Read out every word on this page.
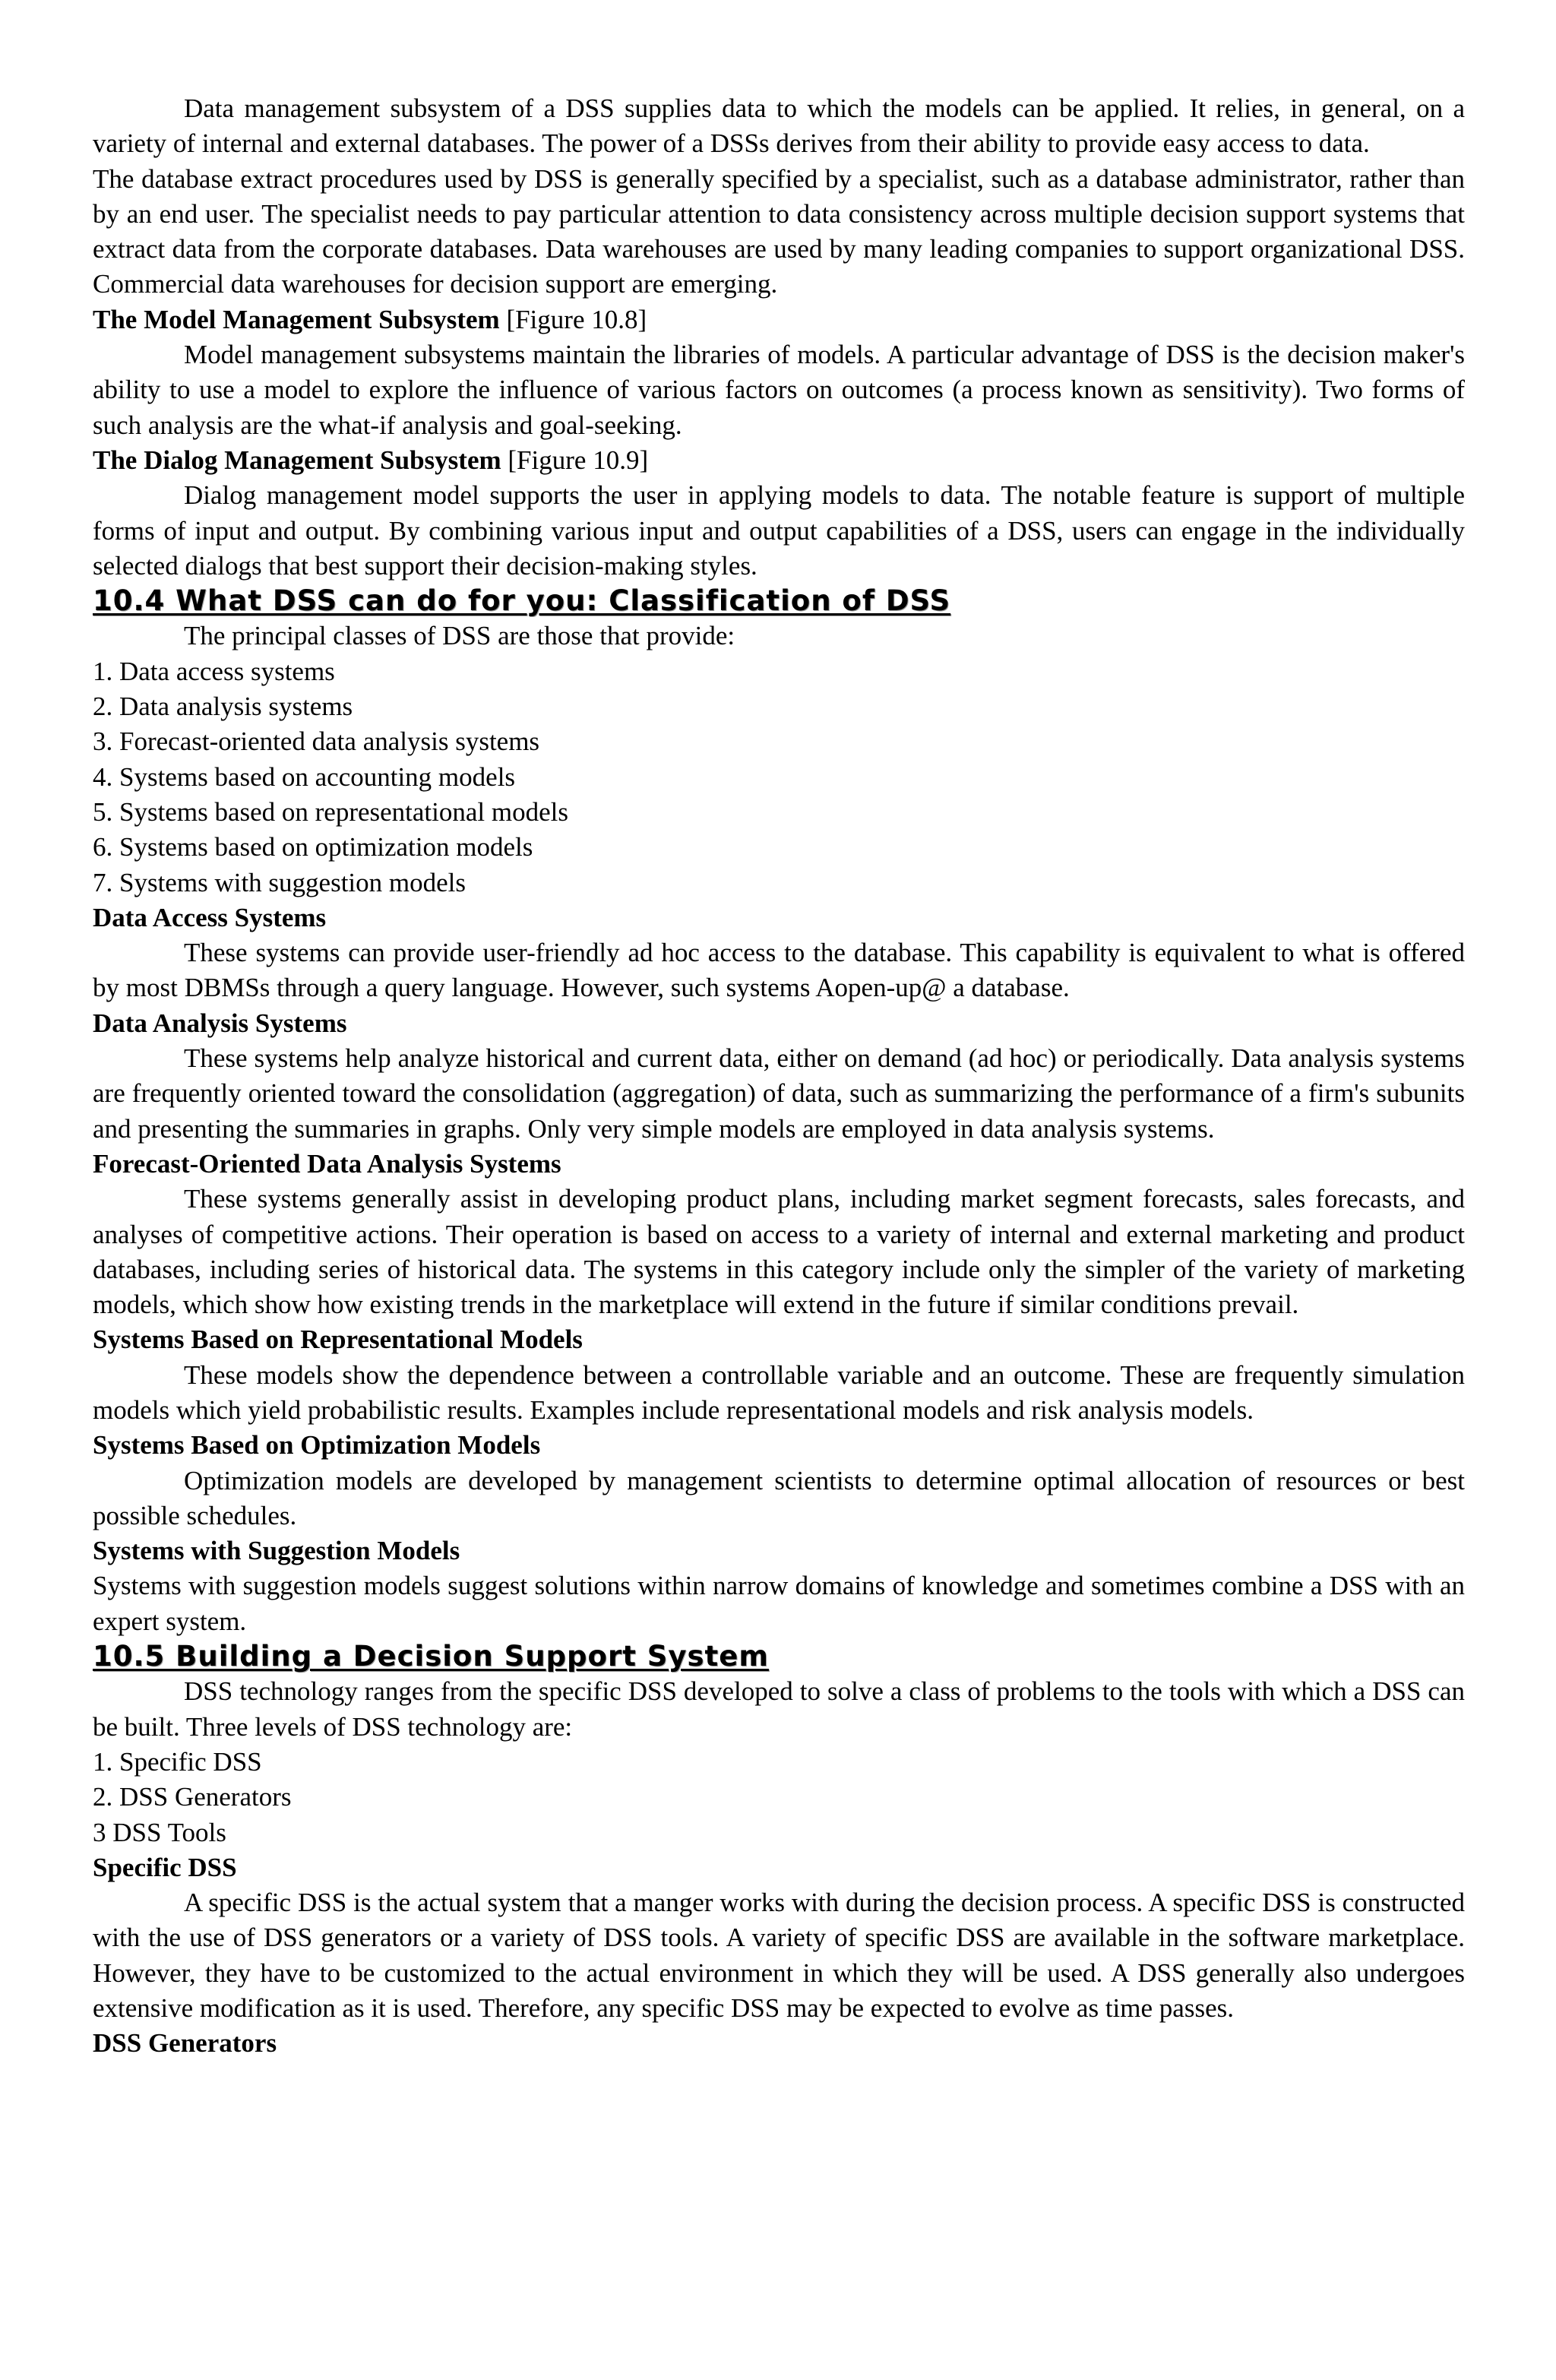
Data management subsystem of a DSS supplies data to which the models can be applied. It relies, in general, on a variety of internal and external databases. The power of a DSSs derives from their ability to provide easy access to data.

The database extract procedures used by DSS is generally specified by a specialist, such as a database administrator, rather than by an end user. The specialist needs to pay particular attention to data consistency across multiple decision support systems that extract data from the corporate databases. Data warehouses are used by many leading companies to support organizational DSS. Commercial data warehouses for decision support are emerging.

The Model Management Subsystem [Figure 10.8]

Model management subsystems maintain the libraries of models. A particular advantage of DSS is the decision maker's ability to use a model to explore the influence of various factors on outcomes (a process known as sensitivity). Two forms of such analysis are the what-if analysis and goal-seeking.

The Dialog Management Subsystem [Figure 10.9]

Dialog management model supports the user in applying models to data. The notable feature is support of multiple forms of input and output. By combining various input and output capabilities of a DSS, users can engage in the individually selected dialogs that best support their decision-making styles.

10.4 What DSS can do for you: Classification of DSS

The principal classes of DSS are those that provide:

1. Data access systems
2. Data analysis systems
3. Forecast-oriented data analysis systems
4. Systems based on accounting models
5. Systems based on representational models
6. Systems based on optimization models
7. Systems with suggestion models
Data Access Systems

These systems can provide user-friendly ad hoc access to the database. This capability is equivalent to what is offered by most DBMSs through a query language. However, such systems Aopen-up@ a database.

Data Analysis Systems

These systems help analyze historical and current data, either on demand (ad hoc) or periodically. Data analysis systems are frequently oriented toward the consolidation (aggregation) of data, such as summarizing the performance of a firm's subunits and presenting the summaries in graphs. Only very simple models are employed in data analysis systems.

Forecast-Oriented Data Analysis Systems

These systems generally assist in developing product plans, including market segment forecasts, sales forecasts, and analyses of competitive actions. Their operation is based on access to a variety of internal and external marketing and product databases, including series of historical data. The systems in this category include only the simpler of the variety of marketing models, which show how existing trends in the marketplace will extend in the future if similar conditions prevail.

Systems Based on Representational Models

These models show the dependence between a controllable variable and an outcome. These are frequently simulation models which yield probabilistic results. Examples include representational models and risk analysis models.

Systems Based on Optimization Models

Optimization models are developed by management scientists to determine optimal allocation of resources or best possible schedules.

Systems with Suggestion Models

Systems with suggestion models suggest solutions within narrow domains of knowledge and sometimes combine a DSS with an expert system.

10.5 Building a Decision Support System

DSS technology ranges from the specific DSS developed to solve a class of problems to the tools with which a DSS can be built. Three levels of DSS technology are:

1. Specific DSS
2. DSS Generators
3 DSS Tools
Specific DSS

A specific DSS is the actual system that a manger works with during the decision process. A specific DSS is constructed with the use of DSS generators or a variety of DSS tools. A variety of specific DSS are available in the software marketplace. However, they have to be customized to the actual environment in which they will be used. A DSS generally also undergoes extensive modification as it is used. Therefore, any specific DSS may be expected to evolve as time passes.

DSS Generators
